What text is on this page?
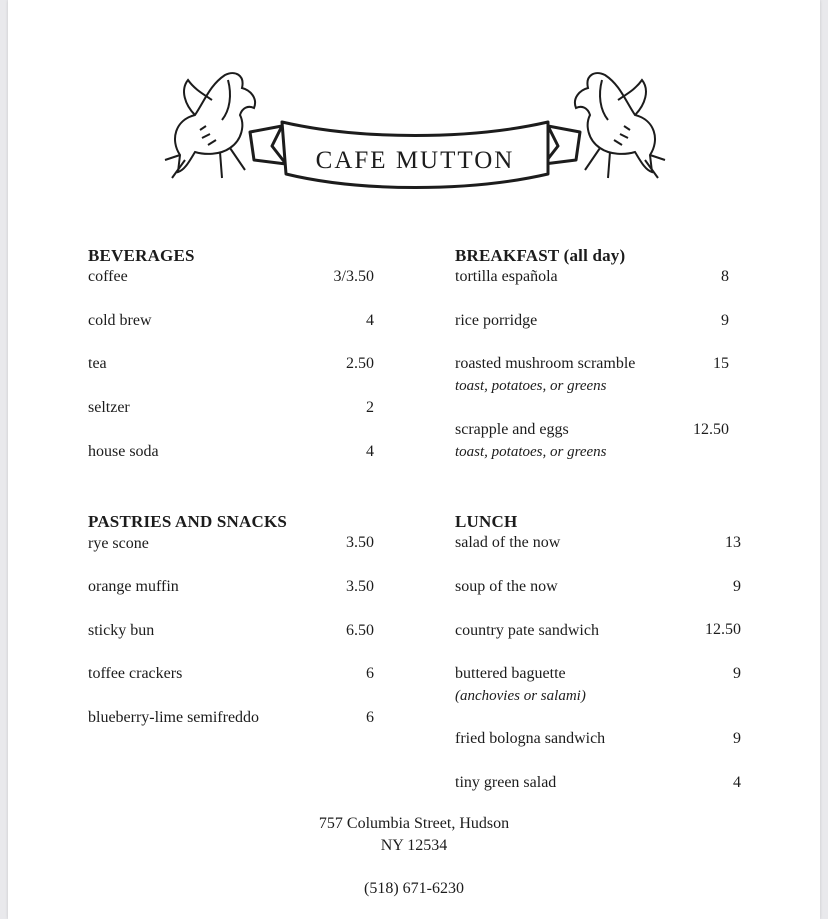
CAFE MUTTON
BEVERAGES
coffee	3/3.50
cold brew	4
tea	2.50
seltzer	2
house soda	4
PASTRIES AND SNACKS
rye scone	3.50
orange muffin	3.50
sticky bun	6.50
toffee crackers	6
blueberry-lime semifreddo	6
BREAKFAST (all day)
tortilla española	8
rice porridge	9
roasted mushroom scramble	15
toast, potatoes, or greens
scrapple and eggs	12.50
toast, potatoes, or greens
LUNCH
salad of the now	13
soup of the now	9
country pate sandwich	12.50
buttered baguette	9
(anchovies or salami)
fried bologna sandwich	9
tiny green salad	4
757 Columbia Street, Hudson
NY 12534
(518) 671-6230
